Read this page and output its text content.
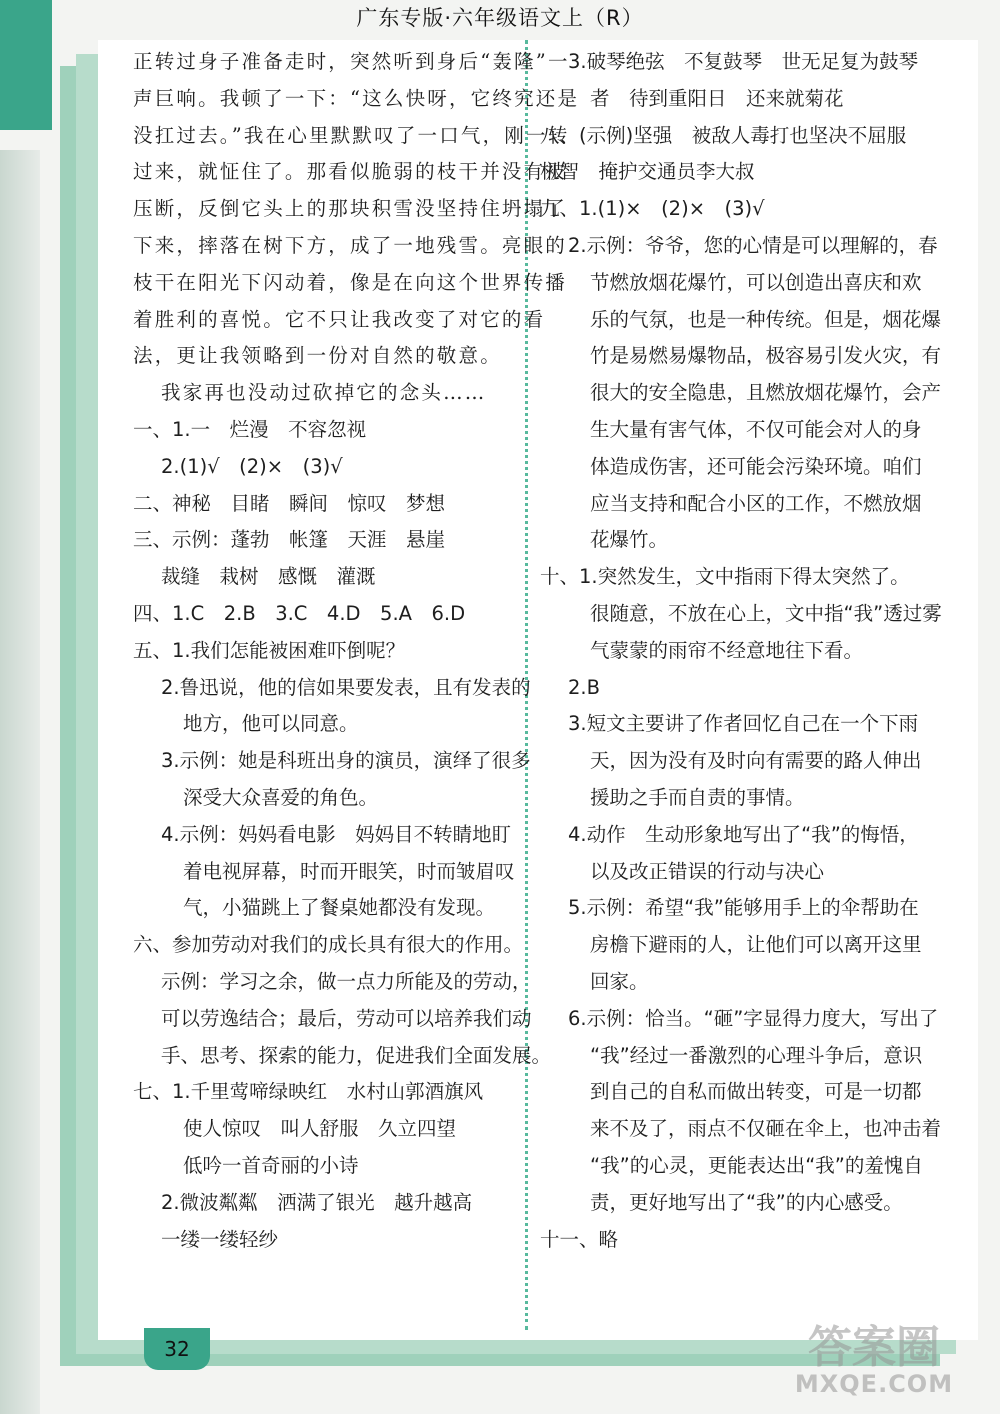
广东专版·六年级语文上（R）
正转过身子准备走时，突然听到身后“轰隆”一
声巨响。我顿了一下：“这么快呀，它终究还是
没扛过去。”我在心里默默叹了一口气，刚一转
过来，就怔住了。那看似脆弱的枝干并没有被
压断，反倒它头上的那块积雪没坚持住坍塌了
下来，摔落在树下方，成了一地残雪。亮眼的
枝干在阳光下闪动着，像是在向这个世界传播
着胜利的喜悦。它不只让我改变了对它的看
法，更让我领略到一份对自然的敬意。
我家再也没动过砍掉它的念头……
一、1.一　烂漫　不容忽视
2.(1)√　(2)×　(3)√
二、神秘　目睹　瞬间　惊叹　梦想
三、示例：蓬勃　帐篷　天涯　悬崖
裁缝　栽树　感慨　灌溉
四、1.C　2.B　3.C　4.D　5.A　6.D
五、1.我们怎能被困难吓倒呢？
2.鲁迅说，他的信如果要发表，且有发表的
地方，他可以同意。
3.示例：她是科班出身的演员，演绎了很多
深受大众喜爱的角色。
4.示例：妈妈看电影　妈妈目不转睛地盯
着电视屏幕，时而开眼笑，时而皱眉叹
气，小猫跳上了餐桌她都没有发现。
六、参加劳动对我们的成长具有很大的作用。
示例：学习之余，做一点力所能及的劳动，
可以劳逸结合；最后，劳动可以培养我们动
手、思考、探索的能力，促进我们全面发展。
七、1.千里莺啼绿映红　水村山郭酒旗风
使人惊叹　叫人舒服　久立四望
低吟一首奇丽的小诗
2.微波粼粼　洒满了银光　越升越高
一缕一缕轻纱
3.破琴绝弦　不复鼓琴　世无足复为鼓琴
者　待到重阳日　还来就菊花
八、(示例)坚强　被敌人毒打也坚决不屈服
机智　掩护交通员李大叔
九、1.(1)×　(2)×　(3)√
2.示例：爷爷，您的心情是可以理解的，春
节燃放烟花爆竹，可以创造出喜庆和欢
乐的气氛，也是一种传统。但是，烟花爆
竹是易燃易爆物品，极容易引发火灾，有
很大的安全隐患，且燃放烟花爆竹，会产
生大量有害气体，不仅可能会对人的身
体造成伤害，还可能会污染环境。咱们
应当支持和配合小区的工作，不燃放烟
花爆竹。
十、1.突然发生，文中指雨下得太突然了。
很随意，不放在心上，文中指“我”透过雾
气蒙蒙的雨帘不经意地往下看。
2.B
3.短文主要讲了作者回忆自己在一个下雨
天，因为没有及时向有需要的路人伸出
援助之手而自责的事情。
4.动作　生动形象地写出了“我”的悔悟，
以及改正错误的行动与决心
5.示例：希望“我”能够用手上的伞帮助在
房檐下避雨的人，让他们可以离开这里
回家。
6.示例：恰当。“砸”字显得力度大，写出了
“我”经过一番激烈的心理斗争后，意识
到自己的自私而做出转变，可是一切都
来不及了，雨点不仅砸在伞上，也冲击着
“我”的心灵，更能表达出“我”的羞愧自
责，更好地写出了“我”的内心感受。
十一、略
32	答案圈
MXQE.COM
